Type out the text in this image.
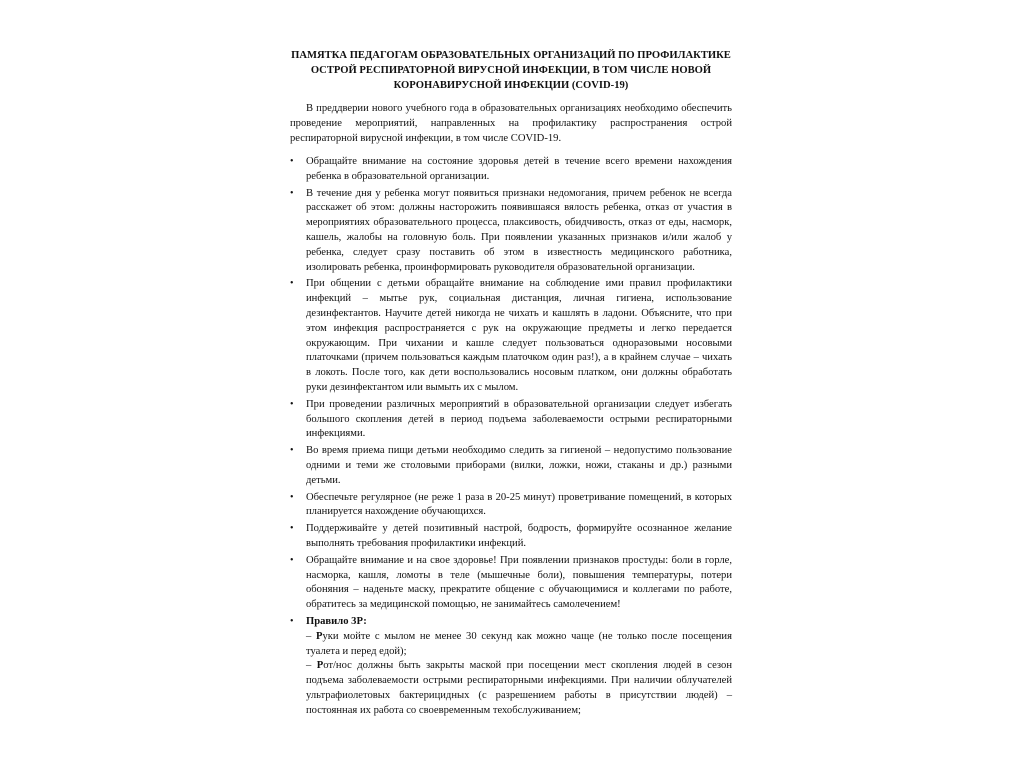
ПАМЯТКА ПЕДАГОГАМ ОБРАЗОВАТЕЛЬНЫХ ОРГАНИЗАЦИЙ ПО ПРОФИЛАКТИКЕ ОСТРОЙ РЕСПИРАТОРНОЙ ВИРУСНОЙ ИНФЕКЦИИ, В ТОМ ЧИСЛЕ НОВОЙ КОРОНАВИРУСНОЙ ИНФЕКЦИИ (COVID-19)

В преддверии нового учебного года в образовательных организациях необходимо обеспечить проведение мероприятий, направленных на профилактику распространения острой респираторной вирусной инфекции, в том числе COVID-19.

•	Обращайте внимание на состояние здоровья детей в течение всего времени нахождения ребенка в образовательной организации.
•	В течение дня у ребенка могут появиться признаки недомогания, причем ребенок не всегда расскажет об этом: должны насторожить появившаяся вялость ребенка, отказ от участия в мероприятиях образовательного процесса, плаксивость, обидчивость, отказ от еды, насморк, кашель, жалобы на головную боль. При появлении указанных признаков и/или жалоб у ребенка, следует сразу поставить об этом в известность медицинского работника, изолировать ребенка, проинформировать руководителя образовательной организации.
•	При общении с детьми обращайте внимание на соблюдение ими правил профилактики инфекций – мытье рук, социальная дистанция, личная гигиена, использование дезинфектантов. Научите детей никогда не чихать и кашлять в ладони. Объясните, что при этом инфекция распространяется с рук на окружающие предметы и легко передается окружающим. При чихании и кашле следует пользоваться одноразовыми носовыми платочками (причем пользоваться каждым платочком один раз!), а в крайнем случае – чихать в локоть. После того, как дети воспользовались носовым платком, они должны обработать руки дезинфектантом или вымыть их с мылом.
•	При проведении различных мероприятий в образовательной организации следует избегать большого скопления детей в период подъема заболеваемости острыми респираторными инфекциями.
•	Во время приема пищи детьми необходимо следить за гигиеной – недопустимо пользование одними и теми же столовыми приборами (вилки, ложки, ножи, стаканы и др.) разными детьми.
•	Обеспечьте регулярное (не реже 1 раза в 20-25 минут) проветривание помещений, в которых планируется нахождение обучающихся.
•	Поддерживайте у детей позитивный настрой, бодрость, формируйте осознанное желание выполнять требования профилактики инфекций.
•	Обращайте внимание и на свое здоровье! При появлении признаков простуды: боли в горле, насморка, кашля, ломоты в теле (мышечные боли), повышения температуры, потери обоняния – наденьте маску, прекратите общение с обучающимися и коллегами по работе, обратитесь за медицинской помощью, не занимайтесь самолечением!
•	Правило 3Р:

– Руки мойте с мылом не менее 30 секунд как можно чаще (не только после посещения туалета и перед едой);

– Рот/нос должны быть закрыты маской при посещении мест скопления людей в сезон подъема заболеваемости острыми респираторными инфекциями. При наличии облучателей ультрафиолетовых бактерицидных (с разрешением работы в присутствии людей) – постоянная их работа со своевременным техобслуживанием;
